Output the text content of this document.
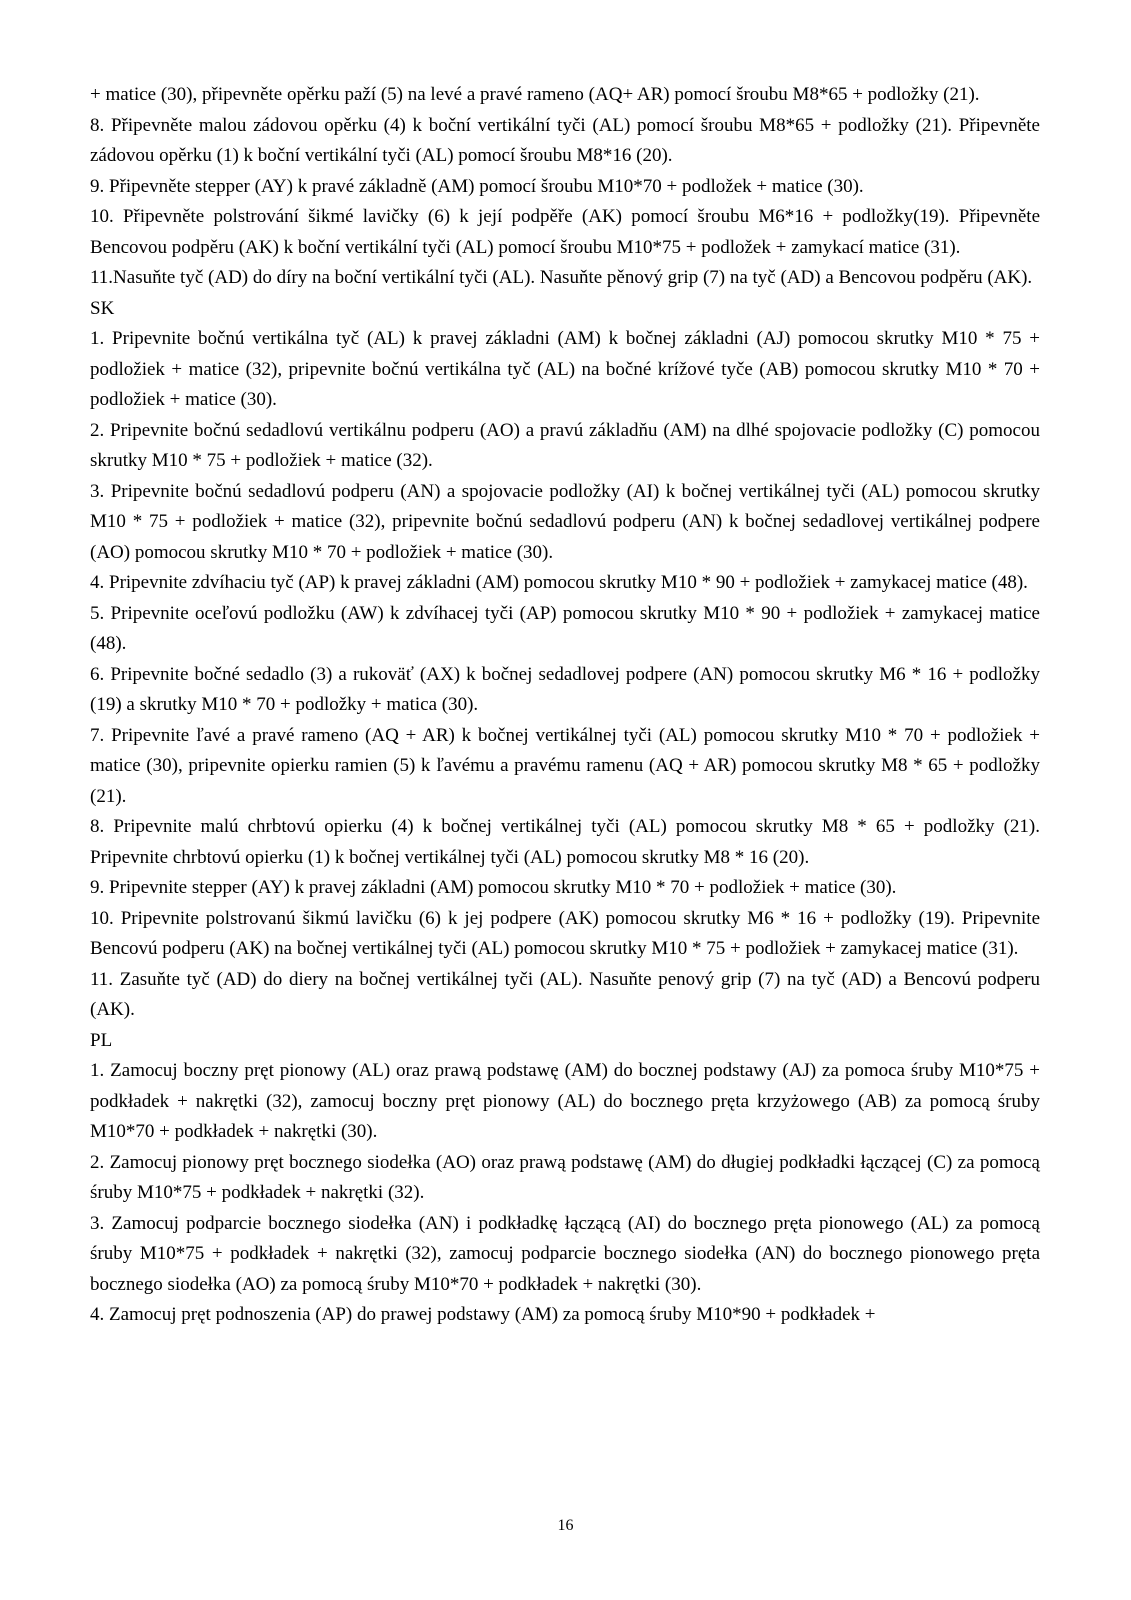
+ matice (30), připevněte opěrku paží (5) na levé a pravé rameno (AQ+ AR) pomocí šroubu M8*65 + podložky (21).

8. Připevněte malou zádovou opěrku (4) k boční vertikální tyči (AL) pomocí šroubu M8*65 + podložky (21). Připevněte zádovou opěrku (1) k boční vertikální tyči (AL) pomocí šroubu M8*16 (20).

9. Připevněte stepper (AY) k pravé základně (AM) pomocí šroubu M10*70 + podložek + matice (30).

10. Připevněte polstrování šikmé lavičky (6) k její podpěře (AK) pomocí šroubu M6*16 + podložky(19). Připevněte Bencovou podpěru (AK) k boční vertikální tyči (AL) pomocí šroubu M10*75 + podložek + zamykací matice (31).

11.Nasuňte tyč (AD) do díry na boční vertikální tyči (AL). Nasuňte pěnový grip (7) na tyč (AD) a Bencovou podpěru (AK).

SK

1. Pripevnite bočnú vertikálna tyč (AL) k pravej základni (AM) k bočnej základni (AJ) pomocou skrutky M10 * 75 + podložiek + matice (32), pripevnite bočnú vertikálna tyč (AL) na bočné krížové tyče (AB) pomocou skrutky M10 * 70 + podložiek + matice (30).

2. Pripevnite bočnú sedadlovú vertikálnu podperu (AO) a pravú základňu (AM) na dlhé spojovacie podložky (C) pomocou skrutky M10 * 75 + podložiek + matice (32).

3. Pripevnite bočnú sedadlovú podperu (AN) a spojovacie podložky (AI) k bočnej vertikálnej tyči (AL) pomocou skrutky M10 * 75 + podložiek + matice (32), pripevnite bočnú sedadlovú podperu (AN) k bočnej sedadlovej vertikálnej podpere (AO) pomocou skrutky M10 * 70 + podložiek + matice (30).

4. Pripevnite zdvíhaciu tyč (AP) k pravej základni (AM) pomocou skrutky M10 * 90 + podložiek + zamykacej matice (48).

5. Pripevnite oceľovú podložku (AW) k zdvíhacej tyči (AP) pomocou skrutky M10 * 90 + podložiek + zamykacej matice (48).

6. Pripevnite bočné sedadlo (3) a rukoväť (AX) k bočnej sedadlovej podpere (AN) pomocou skrutky M6 * 16 + podložky (19) a skrutky M10 * 70 + podložky + matica (30).

7. Pripevnite ľavé a pravé rameno (AQ + AR) k bočnej vertikálnej tyči (AL) pomocou skrutky M10 * 70 + podložiek + matice (30), pripevnite opierku ramien (5) k ľavému a pravému ramenu (AQ + AR) pomocou skrutky M8 * 65 + podložky (21).

8. Pripevnite malú chrbtovú opierku (4) k bočnej vertikálnej tyči (AL) pomocou skrutky M8 * 65 + podložky (21). Pripevnite chrbtovú opierku (1) k bočnej vertikálnej tyči (AL) pomocou skrutky M8 * 16 (20).

9. Pripevnite stepper (AY) k pravej základni (AM) pomocou skrutky M10 * 70 + podložiek + matice (30).

10. Pripevnite polstrovanú šikmú lavičku (6) k jej podpere (AK) pomocou skrutky M6 * 16 + podložky (19). Pripevnite Bencovú podperu (AK) na bočnej vertikálnej tyči (AL) pomocou skrutky M10 * 75 + podložiek + zamykacej matice (31).

11. Zasuňte tyč (AD) do diery na bočnej vertikálnej tyči (AL). Nasuňte penový grip (7) na tyč (AD) a Bencovú podperu (AK).

PL

1. Zamocuj boczny pręt pionowy (AL) oraz prawą podstawę (AM) do bocznej podstawy (AJ) za pomoca śruby M10*75 + podkładek + nakrętki (32), zamocuj boczny pręt pionowy (AL) do bocznego pręta krzyżowego (AB) za pomocą śruby M10*70 + podkładek + nakrętki (30).

2. Zamocuj pionowy pręt bocznego siodełka (AO) oraz prawą podstawę (AM) do długiej podkładki łączącej (C) za pomocą śruby M10*75 + podkładek + nakrętki (32).

3. Zamocuj podparcie bocznego siodełka (AN) i podkładkę łączącą (AI) do bocznego pręta pionowego (AL) za pomocą śruby M10*75 + podkładek + nakrętki (32), zamocuj podparcie bocznego siodełka (AN) do bocznego pionowego pręta bocznego siodełka (AO) za pomocą śruby M10*70 + podkładek + nakrętki (30).

4. Zamocuj pręt podnoszenia (AP) do prawej podstawy (AM) za pomocą śruby M10*90 + podkładek +

16
